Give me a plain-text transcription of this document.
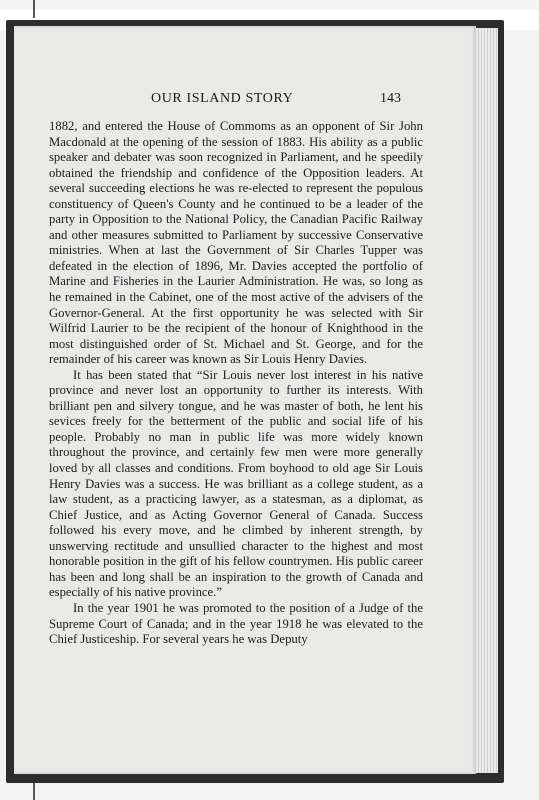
OUR ISLAND STORY	143

1882, and entered the House of Commoms as an opponent of Sir John Macdonald at the opening of the session of 1883. His ability as a public speaker and debater was soon recognized in Parliament, and he speedily obtained the friendship and confidence of the Opposition leaders. At several succeeding elections he was re-elected to represent the populous constituency of Queen's County and he continued to be a leader of the party in Opposition to the National Policy, the Canadian Pacific Railway and other measures submitted to Parliament by successive Conservative ministries. When at last the Government of Sir Charles Tupper was defeated in the election of 1896, Mr. Davies accepted the portfolio of Marine and Fisheries in the Laurier Administration. He was, so long as he remained in the Cabinet, one of the most active of the advisers of the Governor-General. At the first opportunity he was selected with Sir Wilfrid Laurier to be the recipient of the honour of Knighthood in the most distinguished order of St. Michael and St. George, and for the remainder of his career was known as Sir Louis Henry Davies.

It has been stated that “Sir Louis never lost interest in his native province and never lost an opportunity to further its interests. With brilliant pen and silvery tongue, and he was master of both, he lent his sevices freely for the betterment of the public and social life of his people. Probably no man in public life was more widely known throughout the province, and certainly few men were more generally loved by all classes and conditions. From boyhood to old age Sir Louis Henry Davies was a success. He was brilliant as a college student, as a law student, as a practicing lawyer, as a statesman, as a diplomat, as Chief Justice, and as Acting Governor General of Canada. Success followed his every move, and he climbed by inherent strength, by unswerving rectitude and unsullied character to the highest and most honorable position in the gift of his fellow countrymen. His public career has been and long shall be an inspiration to the growth of Canada and especially of his native province.”

In the year 1901 he was promoted to the position of a Judge of the Supreme Court of Canada; and in the year 1918 he was elevated to the Chief Justiceship. For several years he was Deputy
